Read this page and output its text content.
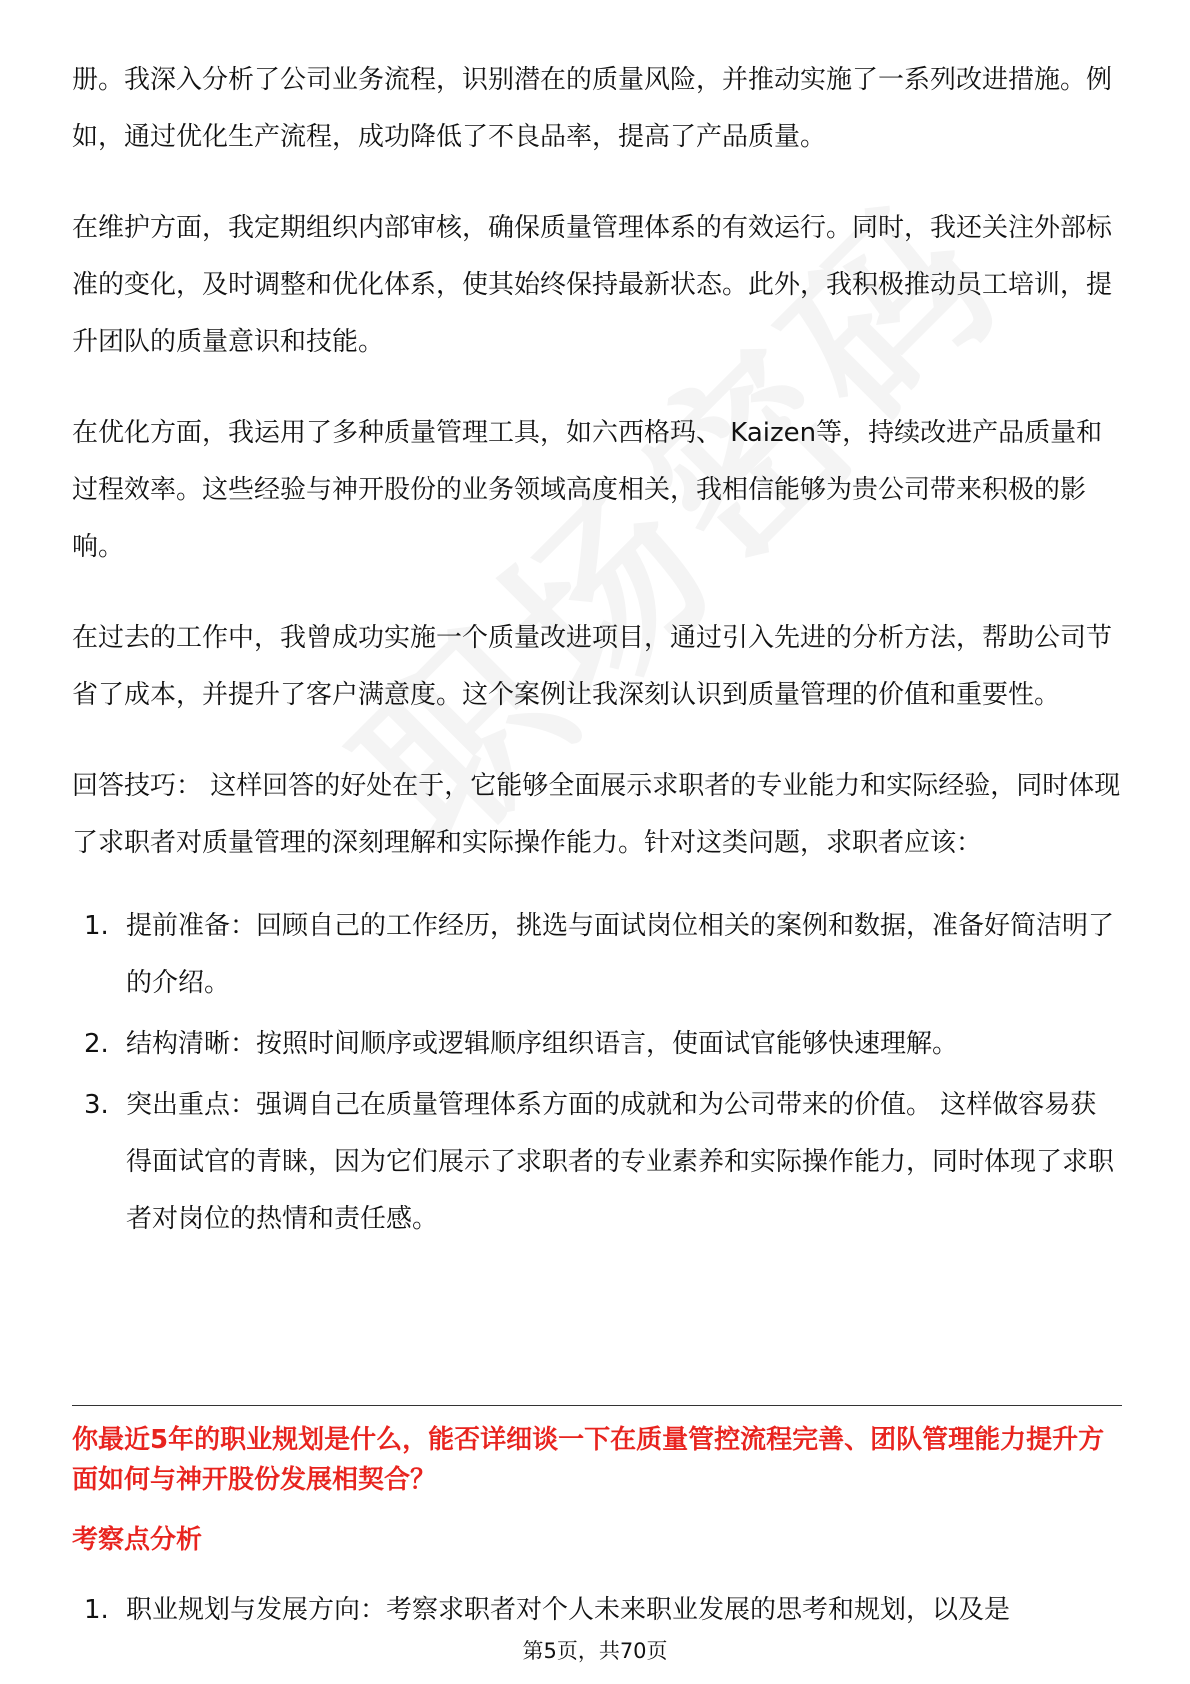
册。我深入分析了公司业务流程，识别潜在的质量风险，并推动实施了一系列改进措施。例如，通过优化生产流程，成功降低了不良品率，提高了产品质量。

在维护方面，我定期组织内部审核，确保质量管理体系的有效运行。同时，我还关注外部标准的变化，及时调整和优化体系，使其始终保持最新状态。此外，我积极推动员工培训，提升团队的质量意识和技能。

在优化方面，我运用了多种质量管理工具，如六西格玛、 Kaizen等，持续改进产品质量和过程效率。这些经验与神开股份的业务领域高度相关，我相信能够为贵公司带来积极的影响。

在过去的工作中，我曾成功实施一个质量改进项目，通过引入先进的分析方法，帮助公司节省了成本，并提升了客户满意度。这个案例让我深刻认识到质量管理的价值和重要性。

回答技巧： 这样回答的好处在于，它能够全面展示求职者的专业能力和实际经验，同时体现了求职者对质量管理的深刻理解和实际操作能力。针对这类问题，求职者应该：

1. 提前准备：回顾自己的工作经历，挑选与面试岗位相关的案例和数据，准备好简洁明了的介绍。
2. 结构清晰：按照时间顺序或逻辑顺序组织语言，使面试官能够快速理解。
3. 突出重点：强调自己在质量管理体系方面的成就和为公司带来的价值。 这样做容易获得面试官的青睐，因为它们展示了求职者的专业素养和实际操作能力，同时体现了求职者对岗位的热情和责任感。
你最近5年的职业规划是什么，能否详细谈一下在质量管控流程完善、团队管理能力提升方面如何与神开股份发展相契合？
考察点分析
1. 职业规划与发展方向：考察求职者对个人未来职业发展的思考和规划，以及是
第5页，共70页
